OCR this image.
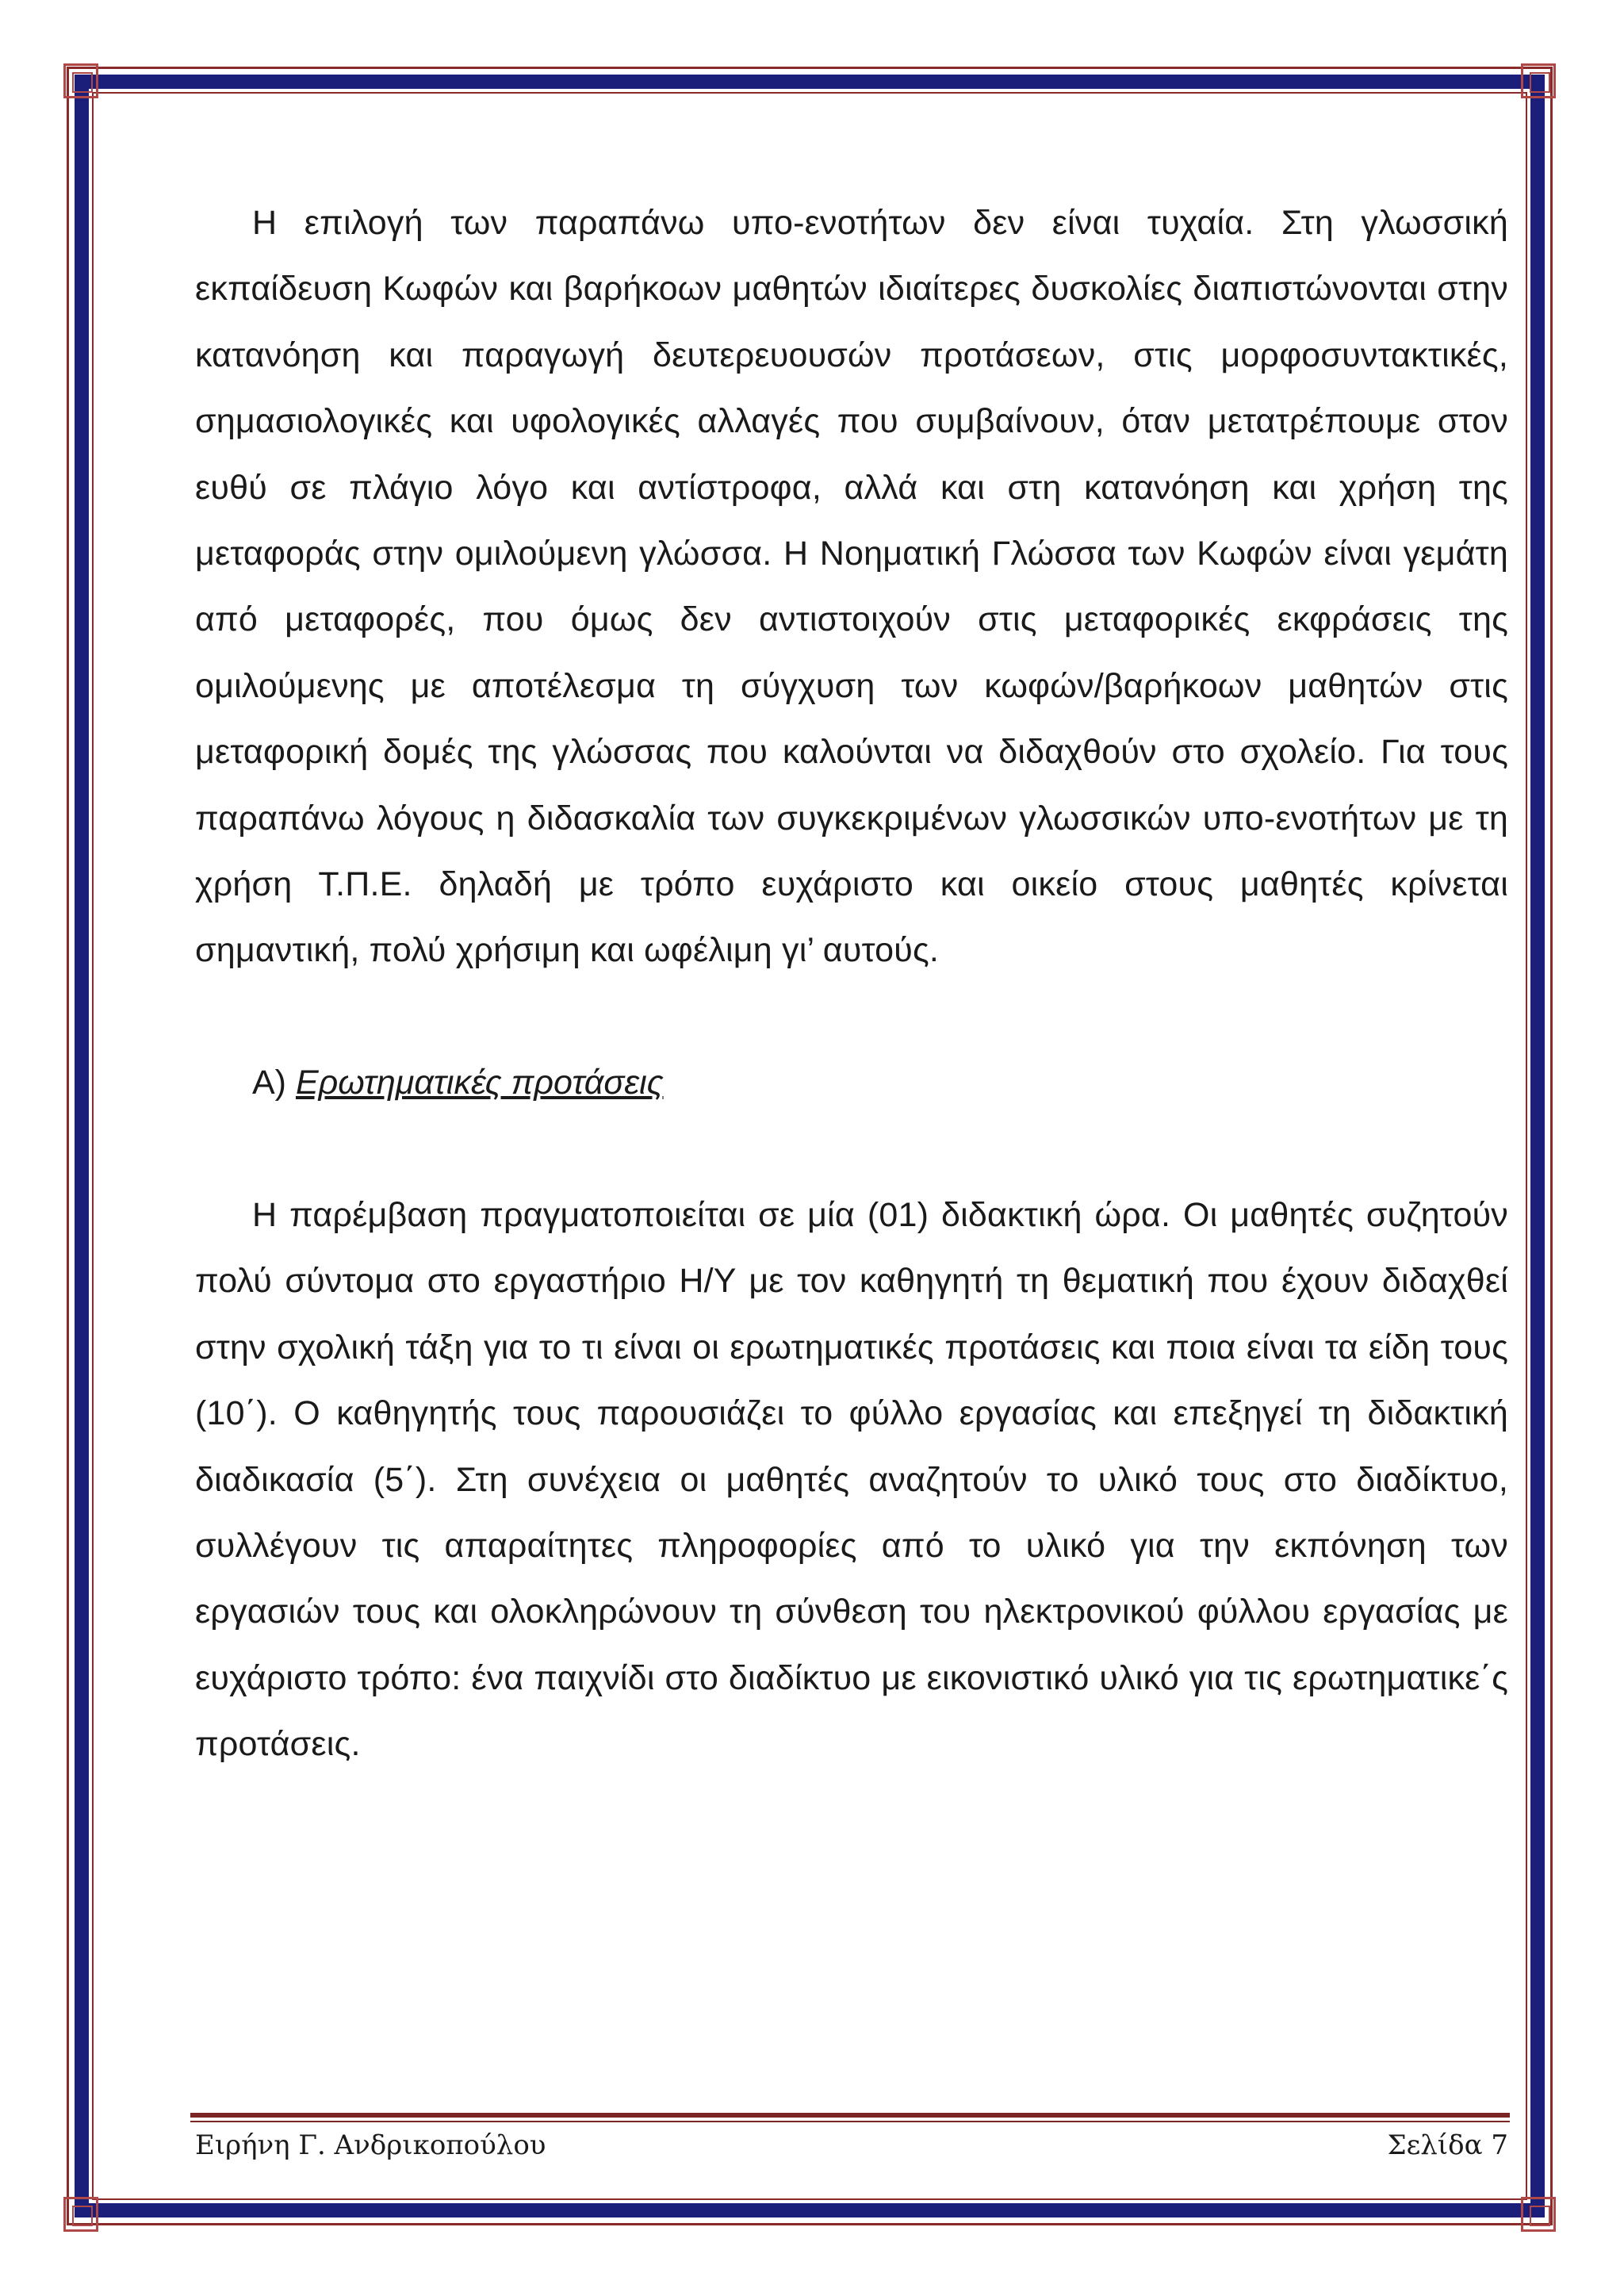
Η επιλογή των παραπάνω υπο-ενοτήτων δεν είναι τυχαία. Στη γλωσσική εκπαίδευση Κωφών και βαρήκοων μαθητών ιδιαίτερες δυσκολίες διαπιστώνονται στην κατανόηση και παραγωγή δευτερευουσών προτάσεων, στις μορφοσυντακτικές, σημασιολογικές και υφολογικές αλλαγές που συμβαίνουν, όταν μετατρέπουμε στον ευθύ σε πλάγιο λόγο και αντίστροφα, αλλά και στη κατανόηση και χρήση της μεταφοράς στην ομιλούμενη γλώσσα. Η Νοηματική Γλώσσα των Κωφών είναι γεμάτη από μεταφορές, που όμως δεν αντιστοιχούν στις μεταφορικές εκφράσεις της ομιλούμενης με αποτέλεσμα τη σύγχυση των κωφών/βαρήκοων μαθητών στις μεταφορική δομές της γλώσσας που καλούνται να διδαχθούν στο σχολείο. Για τους παραπάνω λόγους η διδασκαλία των συγκεκριμένων γλωσσικών υπο-ενοτήτων με τη χρήση Τ.Π.Ε. δηλαδή με τρόπο ευχάριστο και οικείο στους μαθητές κρίνεται σημαντική, πολύ χρήσιμη και ωφέλιμη γι’ αυτούς.

Α) Ερωτηματικές προτάσεις

Η παρέμβαση πραγματοποιείται σε μία (01) διδακτική ώρα. Οι μαθητές συζητούν πολύ σύντομα στο εργαστήριο Η/Υ με τον καθηγητή τη θεματική που έχουν διδαχθεί στην σχολική τάξη για το τι είναι οι ερωτηματικές προτάσεις και ποια είναι τα είδη τους (10΄). Ο καθηγητής τους παρουσιάζει το φύλλο εργασίας και επεξηγεί τη διδακτική διαδικασία (5΄). Στη συνέχεια οι μαθητές αναζητούν το υλικό τους στο διαδίκτυο, συλλέγουν τις απαραίτητες πληροφορίες από το υλικό για την εκπόνηση των εργασιών τους και ολοκληρώνουν τη σύνθεση του ηλεκτρονικού φύλλου εργασίας με ευχάριστο τρόπο: ένα παιχνίδι στο διαδίκτυο με εικονιστικό υλικό για τις ερωτηματικε΄ς προτάσεις.

Ειρήνη Γ. Ανδρικοπούλου	Σελίδα 7
